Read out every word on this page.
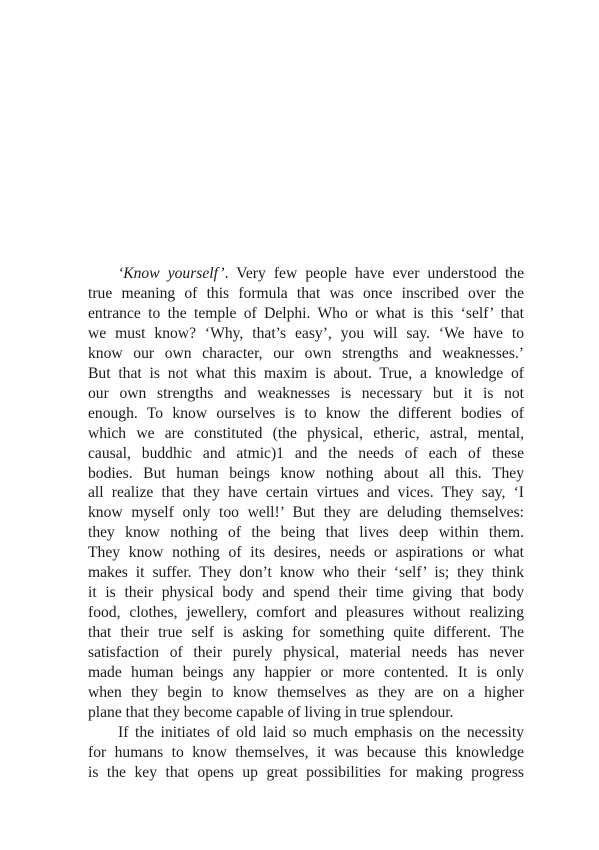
‘Know yourself’. Very few people have ever understood the
true meaning of this formula that was once inscribed over the
entrance to the temple of Delphi. Who or what is this ‘self’ that
we must know? ‘Why, that’s easy’, you will say. ‘We have to
know our own character, our own strengths and weaknesses.’
But that is not what this maxim is about. True, a knowledge of
our own strengths and weaknesses is necessary but it is not
enough. To know ourselves is to know the different bodies of
which we are constituted (the physical, etheric, astral, mental,
causal, buddhic and atmic)1 and the needs of each of these
bodies. But human beings know nothing about all this. They
all realize that they have certain virtues and vices. They say, ‘I
know myself only too well!’ But they are deluding themselves:
they know nothing of the being that lives deep within them.
They know nothing of its desires, needs or aspirations or what
makes it suffer. They don’t know who their ‘self’ is; they think
it is their physical body and spend their time giving that body
food, clothes, jewellery, comfort and pleasures without realizing
that their true self is asking for something quite different. The
satisfaction of their purely physical, material needs has never
made human beings any happier or more contented. It is only
when they begin to know themselves as they are on a higher
plane that they become capable of living in true splendour.
If the initiates of old laid so much emphasis on the necessity
for humans to know themselves, it was because this knowledge
is the key that opens up great possibilities for making progress
